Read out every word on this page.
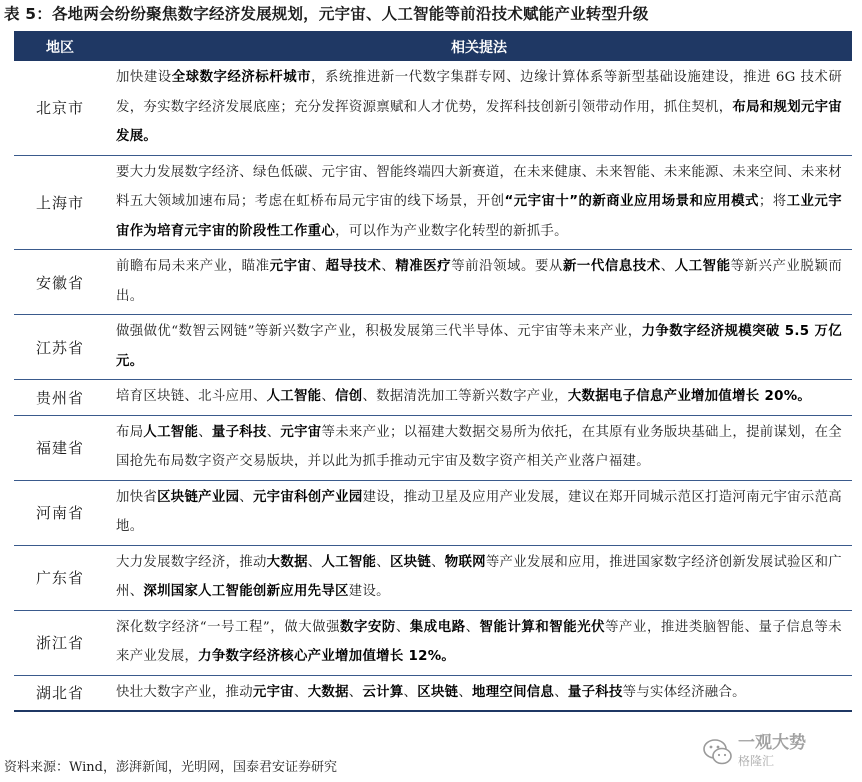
表 5：各地两会纷纷聚焦数字经济发展规划，元宇宙、人工智能等前沿技术赋能产业转型升级
地区	相关提法
北京市	加快建设全球数字经济标杆城市，系统推进新一代数字集群专网、边缘计算体系等新型基础设施建设，推进 6G 技术研发，夯实数字经济发展底座；充分发挥资源禀赋和人才优势，发挥科技创新引领带动作用，抓住契机，布局和规划元宇宙发展。
上海市	要大力发展数字经济、绿色低碳、元宇宙、智能终端四大新赛道，在未来健康、未来智能、未来能源、未来空间、未来材料五大领域加速布局；考虑在虹桥布局元宇宙的线下场景，开创“元宇宙十”的新商业应用场景和应用模式；将工业元宇宙作为培育元宇宙的阶段性工作重心，可以作为产业数字化转型的新抓手。
安徽省	前瞻布局未来产业，瞄准元宇宙、超导技术、精准医疗等前沿领域。要从新一代信息技术、人工智能等新兴产业脱颖而出。
江苏省	做强做优“数智云网链”等新兴数字产业，积极发展第三代半导体、元宇宙等未来产业，力争数字经济规模突破 5.5 万亿元。
贵州省	培育区块链、北斗应用、人工智能、信创、数据清洗加工等新兴数字产业，大数据电子信息产业增加值增长 20%。
福建省	布局人工智能、量子科技、元宇宙等未来产业；以福建大数据交易所为依托，在其原有业务版块基础上，提前谋划，在全国抢先布局数字资产交易版块，并以此为抓手推动元宇宙及数字资产相关产业落户福建。
河南省	加快省区块链产业园、元宇宙科创产业园建设，推动卫星及应用产业发展，建议在郑开同城示范区打造河南元宇宙示范高地。
广东省	大力发展数字经济，推动大数据、人工智能、区块链、物联网等产业发展和应用，推进国家数字经济创新发展试验区和广州、深圳国家人工智能创新应用先导区建设。
浙江省	深化数字经济“一号工程”，做大做强数字安防、集成电路、智能计算和智能光伏等产业，推进类脑智能、量子信息等未来产业发展，力争数字经济核心产业增加值增长 12%。
湖北省	快壮大数字产业，推动元宇宙、大数据、云计算、区块链、地理空间信息、量子科技等与实体经济融合。
资料来源：Wind，澎湃新闻，光明网，国泰君安证券研究
一观大势
格隆汇
